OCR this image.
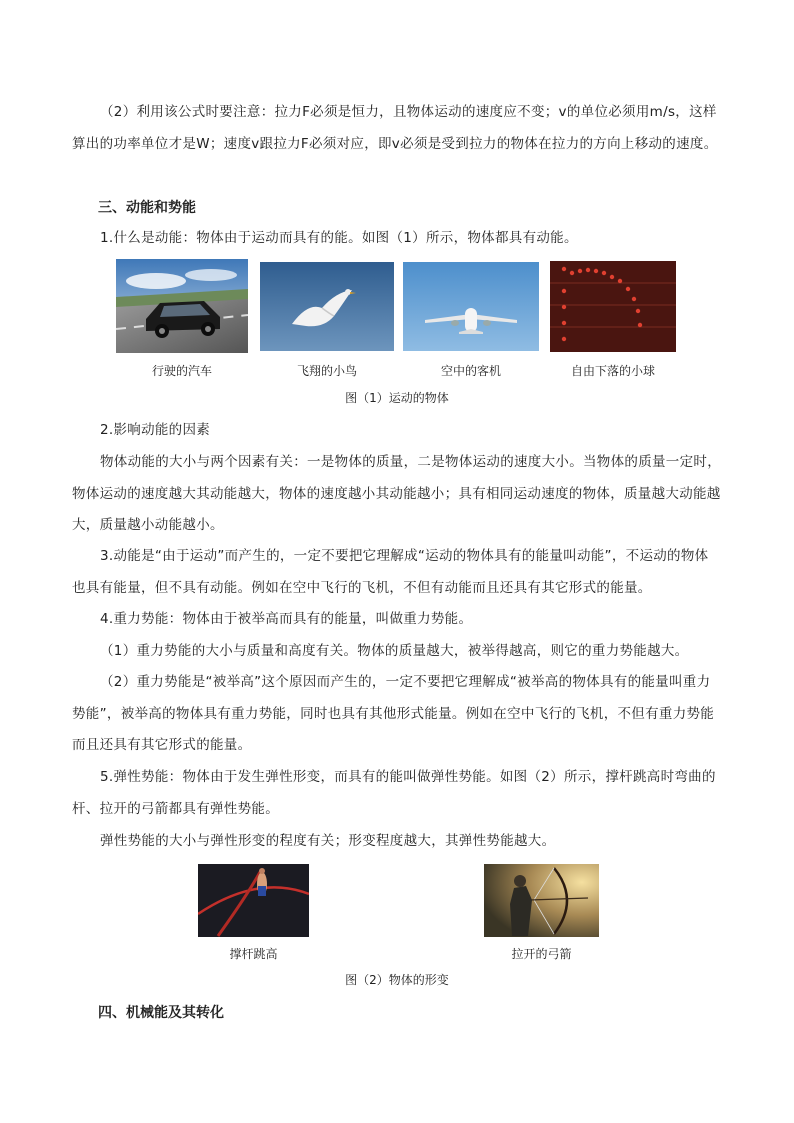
（2）利用该公式时要注意：拉力F必须是恒力，且物体运动的速度应不变；v的单位必须用m/s，这样算出的功率单位才是W；速度v跟拉力F必须对应，即v必须是受到拉力的物体在拉力的方向上移动的速度。

三、动能和势能

1.什么是动能：物体由于运动而具有的能。如图（1）所示，物体都具有动能。

行驶的汽车	飞翔的小鸟	空中的客机	自由下落的小球

图（1）运动的物体

2.影响动能的因素

物体动能的大小与两个因素有关：一是物体的质量，二是物体运动的速度大小。当物体的质量一定时，物体运动的速度越大其动能越大，物体的速度越小其动能越小；具有相同运动速度的物体，质量越大动能越大，质量越小动能越小。

3.动能是“由于运动”而产生的，一定不要把它理解成“运动的物体具有的能量叫动能”，不运动的物体也具有能量，但不具有动能。例如在空中飞行的飞机，不但有动能而且还具有其它形式的能量。

4.重力势能：物体由于被举高而具有的能量，叫做重力势能。

（1）重力势能的大小与质量和高度有关。物体的质量越大，被举得越高，则它的重力势能越大。

（2）重力势能是“被举高”这个原因而产生的，一定不要把它理解成“被举高的物体具有的能量叫重力势能”，被举高的物体具有重力势能，同时也具有其他形式能量。例如在空中飞行的飞机，不但有重力势能而且还具有其它形式的能量。

5.弹性势能：物体由于发生弹性形变，而具有的能叫做弹性势能。如图（2）所示，撑杆跳高时弯曲的杆、拉开的弓箭都具有弹性势能。

弹性势能的大小与弹性形变的程度有关；形变程度越大，其弹性势能越大。

撑杆跳高	拉开的弓箭

图（2）物体的形变

四、机械能及其转化
